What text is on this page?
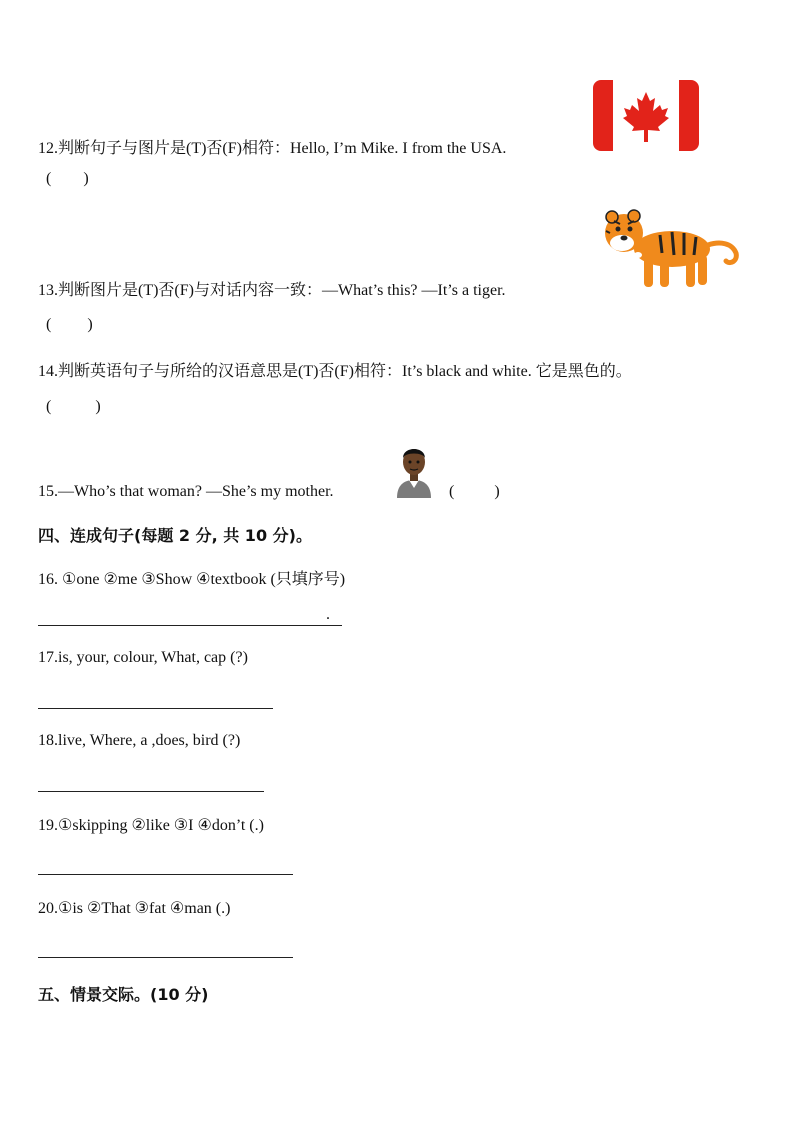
12.判断句子与图片是(T)否(F)相符：Hello, I’m Mike. I from the USA.
(        )
13.判断图片是(T)否(F)与对话内容一致：—What’s this? —It’s a tiger.
(         )
14.判断英语句子与所给的汉语意思是(T)否(F)相符：It’s black and white. 它是黑色的。
(           )
15.—Who’s that woman? —She’s my mother.	(          )
四、连成句子(每题 2 分, 共 10 分)。
16. ①one ②me ③Show ④textbook (只填序号)
.
17.is, your, colour, What, cap (?)
18.live, Where, a ,does, bird (?)
19.①skipping ②like ③I ④don’t (.)
20.①is ②That ③fat ④man (.)
五、情景交际。(10 分)
